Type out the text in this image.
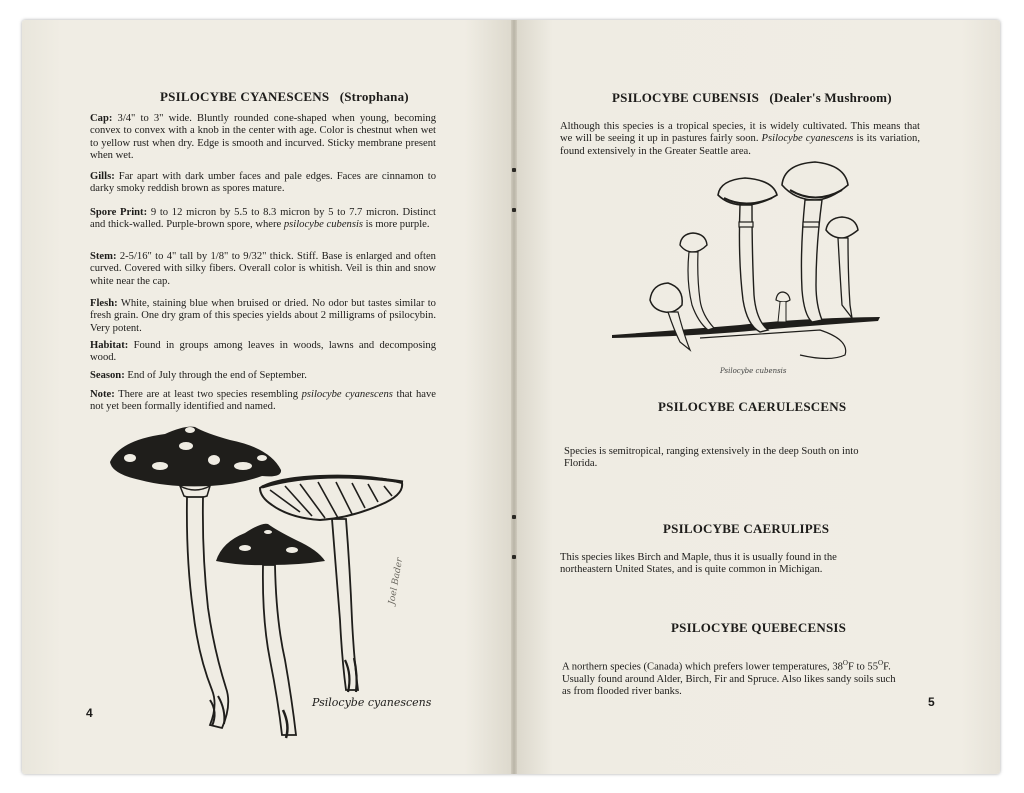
PSILOCYBE CYANESCENS (Strophana)
Cap: 3/4" to 3" wide. Bluntly rounded cone-shaped when young, becoming convex to convex with a knob in the center with age. Color is chestnut when wet to yellow rust when dry. Edge is smooth and incurved. Sticky membrane present when wet.
Gills: Far apart with dark umber faces and pale edges. Faces are cinnamon to darky smoky reddish brown as spores mature.
Spore Print: 9 to 12 micron by 5.5 to 8.3 micron by 5 to 7.7 micron. Distinct and thick-walled. Purple-brown spore, where psilocybe cubensis is more purple.
Stem: 2-5/16" to 4" tall by 1/8" to 9/32" thick. Stiff. Base is enlarged and often curved. Covered with silky fibers. Overall color is whitish. Veil is thin and snow white near the cap.
Flesh: White, staining blue when bruised or dried. No odor but tastes similar to fresh grain. One dry gram of this species yields about 2 milligrams of psilocybin. Very potent.
Habitat: Found in groups among leaves in woods, lawns and decomposing wood.
Season: End of July through the end of September.
Note: There are at least two species resembling psilocybe cyanescens that have not yet been formally identified and named.
Joel Bader
Psilocybe cyanescens
4
PSILOCYBE CUBENSIS (Dealer's Mushroom)
Although this species is a tropical species, it is widely cultivated. This means that we will be seeing it up in pastures fairly soon. Psilocybe cyanescens is its variation, found extensively in the Greater Seattle area.
Psilocybe cubensis
PSILOCYBE CAERULESCENS
Species is semitropical, ranging extensively in the deep South on into Florida.
PSILOCYBE CAERULIPES
This species likes Birch and Maple, thus it is usually found in the northeastern United States, and is quite common in Michigan.
PSILOCYBE QUEBECENSIS
A northern species (Canada) which prefers lower temperatures, $38^OF$ to $55^OF$. Usually found around Alder, Birch, Fir and Spruce. Also likes sandy soils such as from flooded river banks.
5
